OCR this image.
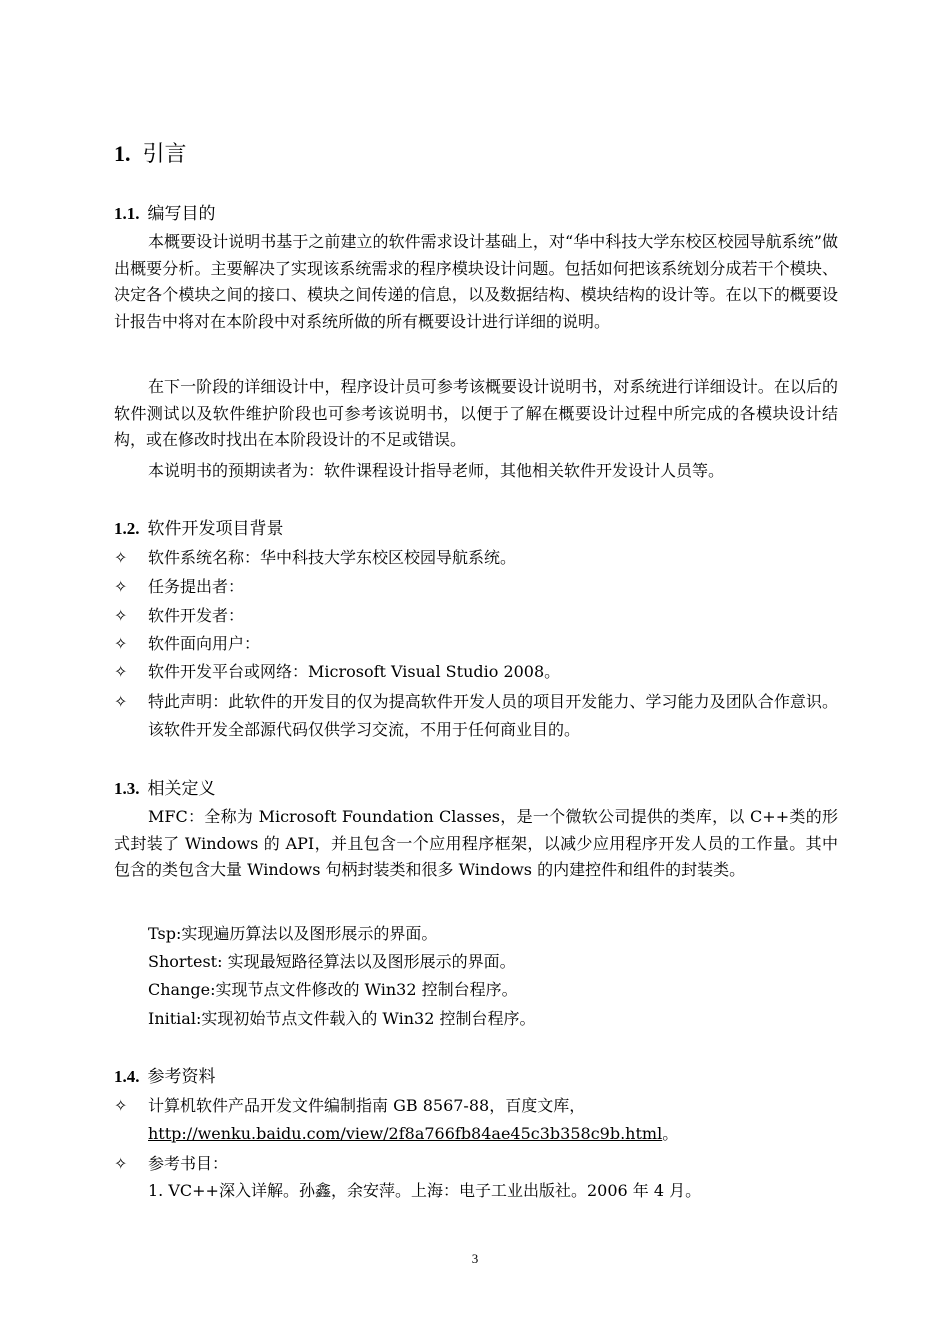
1. 引言
1.1. 编写目的
本概要设计说明书基于之前建立的软件需求设计基础上，对“华中科技大学东校区校园导航系统”做出概要分析。主要解决了实现该系统需求的程序模块设计问题。包括如何把该系统划分成若干个模块、决定各个模块之间的接口、模块之间传递的信息，以及数据结构、模块结构的设计等。在以下的概要设计报告中将对在本阶段中对系统所做的所有概要设计进行详细的说明。
在下一阶段的详细设计中，程序设计员可参考该概要设计说明书，对系统进行详细设计。在以后的软件测试以及软件维护阶段也可参考该说明书，以便于了解在概要设计过程中所完成的各模块设计结构，或在修改时找出在本阶段设计的不足或错误。
本说明书的预期读者为：软件课程设计指导老师，其他相关软件开发设计人员等。
1.2. 软件开发项目背景
✧	软件系统名称：华中科技大学东校区校园导航系统。
✧	任务提出者：
✧	软件开发者：
✧	软件面向用户：
✧	软件开发平台或网络：Microsoft Visual Studio 2008。
✧	特此声明：此软件的开发目的仅为提高软件开发人员的项目开发能力、学习能力及团队合作意识。该软件开发全部源代码仅供学习交流，不用于任何商业目的。
1.3. 相关定义
MFC：全称为 Microsoft Foundation Classes，是一个微软公司提供的类库，以 C++类的形式封装了 Windows 的 API，并且包含一个应用程序框架，以减少应用程序开发人员的工作量。其中包含的类包含大量 Windows 句柄封装类和很多 Windows 的内建控件和组件的封装类。
Tsp:实现遍历算法以及图形展示的界面。
Shortest: 实现最短路径算法以及图形展示的界面。
Change:实现节点文件修改的 Win32 控制台程序。
Initial:实现初始节点文件载入的 Win32 控制台程序。
1.4. 参考资料
✧	计算机软件产品开发文件编制指南 GB 8567-88，百度文库，
http://wenku.baidu.com/view/2f8a766fb84ae45c3b358c9b.html。
✧	参考书目：
1. VC++深入详解。孙鑫，余安萍。上海：电子工业出版社。2006 年 4 月。
3
